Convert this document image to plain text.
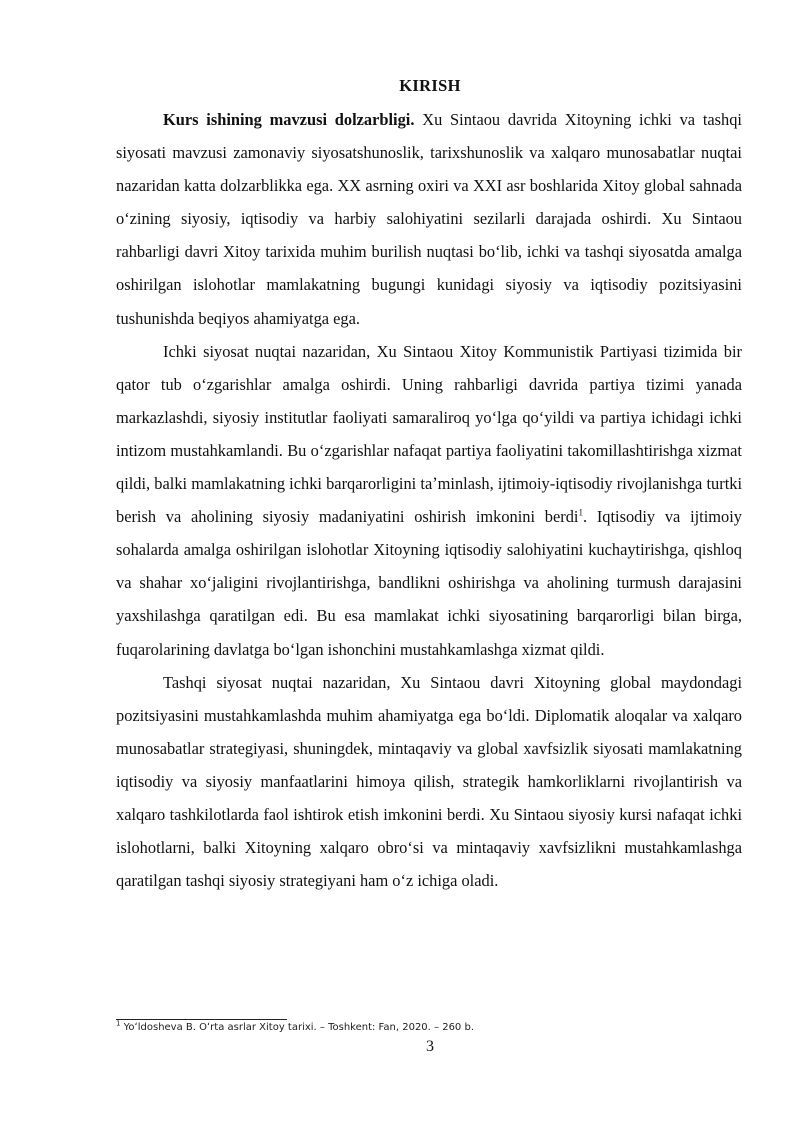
KIRISH

Kurs ishining mavzusi dolzarbligi. Xu Sintaou davrida Xitoyning ichki va tashqi siyosati mavzusi zamonaviy siyosatshunoslik, tarixshunoslik va xalqaro munosabatlar nuqtai nazaridan katta dolzarblikka ega. XX asrning oxiri va XXI asr boshlarida Xitoy global sahnada oʻzining siyosiy, iqtisodiy va harbiy salohiyatini sezilarli darajada oshirdi. Xu Sintaou rahbarligi davri Xitoy tarixida muhim burilish nuqtasi boʻlib, ichki va tashqi siyosatda amalga oshirilgan islohotlar mamlakatning bugungi kunidagi siyosiy va iqtisodiy pozitsiyasini tushunishda beqiyos ahamiyatga ega.

Ichki siyosat nuqtai nazaridan, Xu Sintaou Xitoy Kommunistik Partiyasi tizimida bir qator tub oʻzgarishlar amalga oshirdi. Uning rahbarligi davrida partiya tizimi yanada markazlashdi, siyosiy institutlar faoliyati samaraliroq yoʻlga qoʻyildi va partiya ichidagi ichki intizom mustahkamlandi. Bu oʻzgarishlar nafaqat partiya faoliyatini takomillashtirishga xizmat qildi, balki mamlakatning ichki barqarorligini taʼminlash, ijtimoiy-iqtisodiy rivojlanishga turtki berish va aholining siyosiy madaniyatini oshirish imkonini berdi$^1$. Iqtisodiy va ijtimoiy sohalarda amalga oshirilgan islohotlar Xitoyning iqtisodiy salohiyatini kuchaytirishga, qishloq va shahar xoʻjaligini rivojlantirishga, bandlikni oshirishga va aholining turmush darajasini yaxshilashga qaratilgan edi. Bu esa mamlakat ichki siyosatining barqarorligi bilan birga, fuqarolarining davlatga boʻlgan ishonchini mustahkamlashga xizmat qildi.

Tashqi siyosat nuqtai nazaridan, Xu Sintaou davri Xitoyning global maydondagi pozitsiyasini mustahkamlashda muhim ahamiyatga ega boʻldi. Diplomatik aloqalar va xalqaro munosabatlar strategiyasi, shuningdek, mintaqaviy va global xavfsizlik siyosati mamlakatning iqtisodiy va siyosiy manfaatlarini himoya qilish, strategik hamkorliklarni rivojlantirish va xalqaro tashkilotlarda faol ishtirok etish imkonini berdi. Xu Sintaou siyosiy kursi nafaqat ichki islohotlarni, balki Xitoyning xalqaro obroʻsi va mintaqaviy xavfsizlikni mustahkamlashga qaratilgan tashqi siyosiy strategiyani ham oʻz ichiga oladi.

$^1$ Yoʻldosheva B. Oʻrta asrlar Xitoy tarixi. – Toshkent: Fan, 2020. – 260 b.
3
